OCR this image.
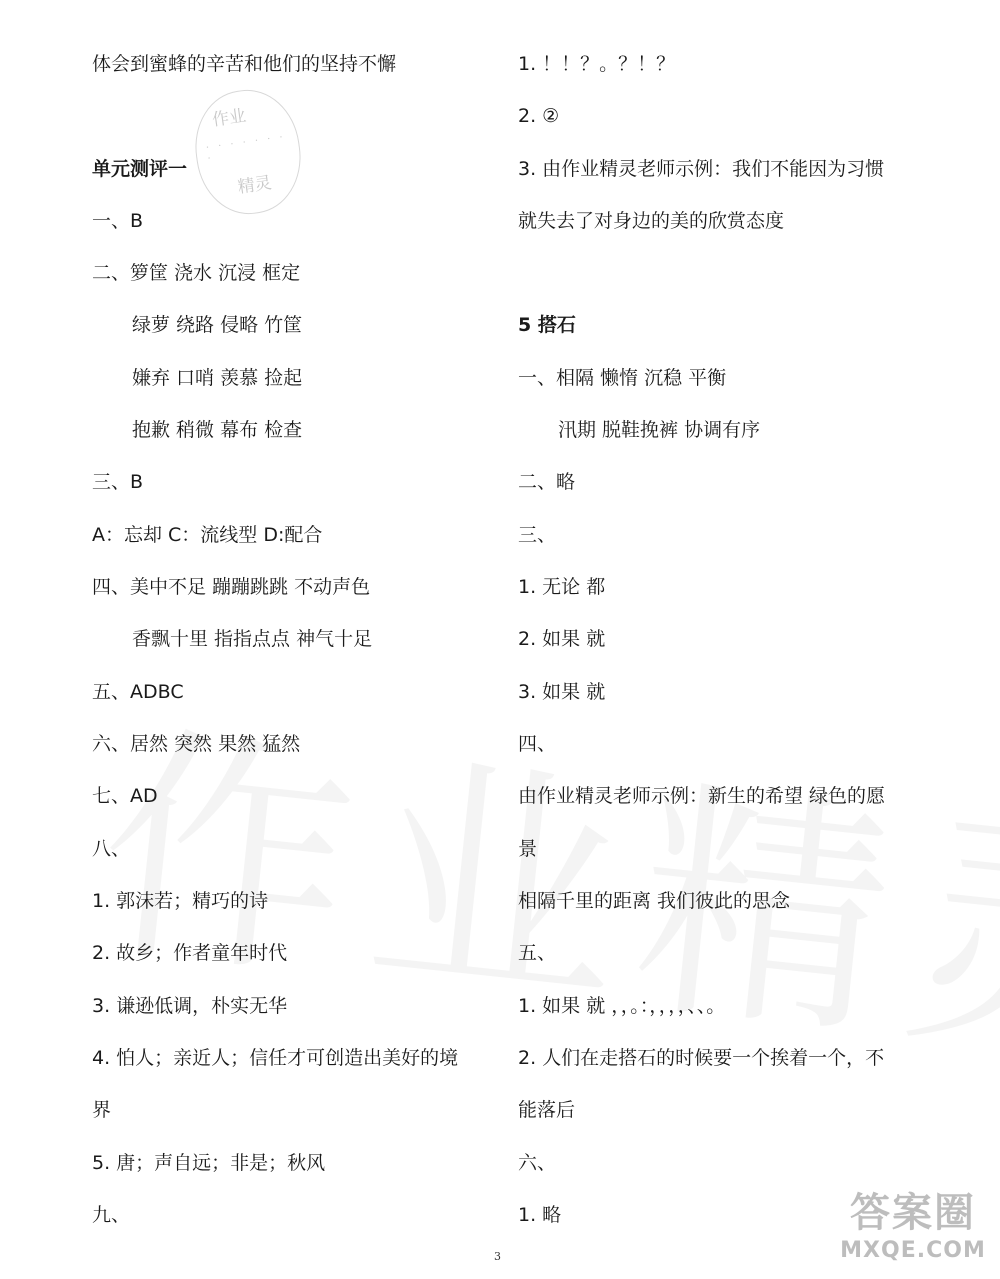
作业
· · · · · · · ·
精灵
体会到蜜蜂的辛苦和他们的坚持不懈
单元测评一
一、B
二、箩筐 浇水 沉浸 框定
绿萝 绕路 侵略 竹筐
嫌弃 口哨 羡慕 捡起
抱歉 稍微 幕布 检查
三、B
A：忘却 C：流线型 D:配合
四、美中不足 蹦蹦跳跳 不动声色
香飘十里 指指点点 神气十足
五、ADBC
六、居然 突然 果然 猛然
七、AD
八、
1. 郭沫若；精巧的诗
2. 故乡；作者童年时代
3. 谦逊低调，朴实无华
4. 怕人；亲近人；信任才可创造出美好的境
界
5. 唐；声自远；非是；秋风
九、
1. ！！？。？！？
2. ②
3. 由作业精灵老师示例：我们不能因为习惯
就失去了对身边的美的欣赏态度
5 搭石
一、相隔 懒惰 沉稳 平衡
汛期 脱鞋挽裤 协调有序
二、略
三、
1. 无论 都
2. 如果 就
3. 如果 就
四、
由作业精灵老师示例：新生的希望 绿色的愿
景
相隔千里的距离 我们彼此的思念
五、
1. 如果 就 ，，。：，，，，、、。
2. 人们在走搭石的时候要一个挨着一个，不
能落后
六、
1. 略
3
答案圈
MXQE.COM
